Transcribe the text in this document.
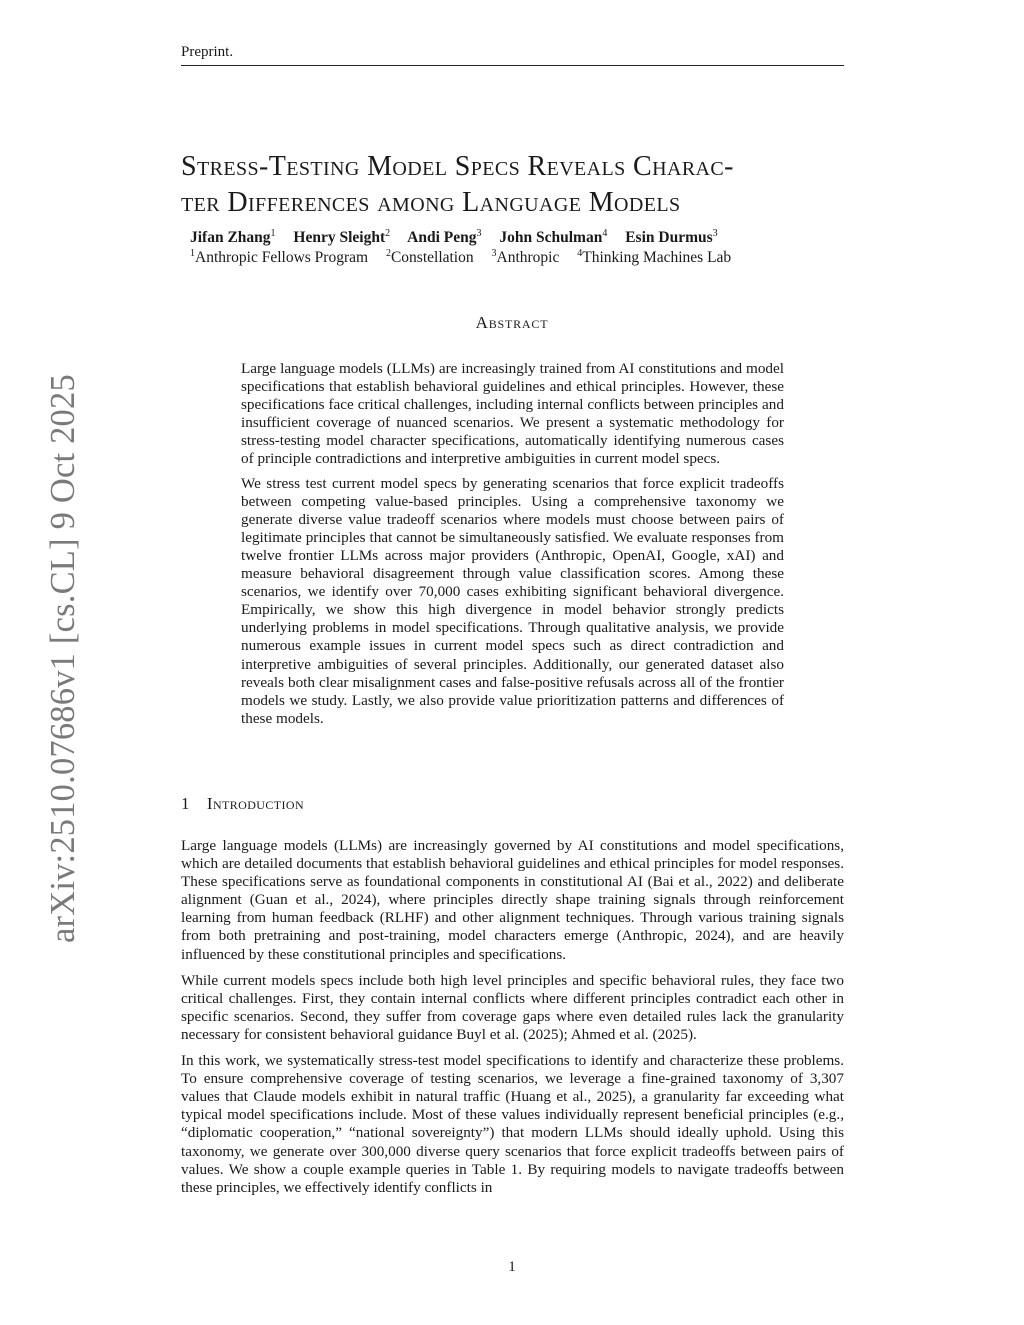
Preprint.
arXiv:2510.07686v1 [cs.CL] 9 Oct 2025
Stress-Testing Model Specs Reveals Charac-
ter Differences among Language Models
Jifan Zhang$^1$ Henry Sleight$^2$ Andi Peng$^3$ John Schulman$^4$ Esin Durmus$^3$
$^1$Anthropic Fellows Program $^2$Constellation $^3$Anthropic $^4$Thinking Machines Lab
Abstract

Large language models (LLMs) are increasingly trained from AI constitutions and model specifications that establish behavioral guidelines and ethical principles. However, these specifications face critical challenges, including internal conflicts between principles and insufficient coverage of nuanced scenarios. We present a systematic methodology for stress-testing model character specifications, automatically identifying numerous cases of principle contradictions and interpretive ambiguities in current model specs.

We stress test current model specs by generating scenarios that force explicit tradeoffs between competing value-based principles. Using a comprehensive taxonomy we generate diverse value tradeoff scenarios where models must choose between pairs of legitimate principles that cannot be simultaneously satisfied. We evaluate responses from twelve frontier LLMs across major providers (Anthropic, OpenAI, Google, xAI) and measure behavioral disagreement through value classification scores. Among these scenarios, we identify over 70,000 cases exhibiting significant behavioral divergence. Empirically, we show this high divergence in model behavior strongly predicts underlying problems in model specifications. Through qualitative analysis, we provide numerous example issues in current model specs such as direct contradiction and interpretive ambiguities of several principles. Additionally, our generated dataset also reveals both clear misalignment cases and false-positive refusals across all of the frontier models we study. Lastly, we also provide value prioritization patterns and differences of these models.

1 Introduction

Large language models (LLMs) are increasingly governed by AI constitutions and model specifications, which are detailed documents that establish behavioral guidelines and ethical principles for model responses. These specifications serve as foundational components in constitutional AI (Bai et al., 2022) and deliberate alignment (Guan et al., 2024), where principles directly shape training signals through reinforcement learning from human feedback (RLHF) and other alignment techniques. Through various training signals from both pretraining and post-training, model characters emerge (Anthropic, 2024), and are heavily influenced by these constitutional principles and specifications.

While current models specs include both high level principles and specific behavioral rules, they face two critical challenges. First, they contain internal conflicts where different principles contradict each other in specific scenarios. Second, they suffer from coverage gaps where even detailed rules lack the granularity necessary for consistent behavioral guidance Buyl et al. (2025); Ahmed et al. (2025).

In this work, we systematically stress-test model specifications to identify and characterize these problems. To ensure comprehensive coverage of testing scenarios, we leverage a fine-grained taxonomy of 3,307 values that Claude models exhibit in natural traffic (Huang et al., 2025), a granularity far exceeding what typical model specifications include. Most of these values individually represent beneficial principles (e.g., “diplomatic cooperation,” “national sovereignty”) that modern LLMs should ideally uphold. Using this taxonomy, we generate over 300,000 diverse query scenarios that force explicit tradeoffs between pairs of values. We show a couple example queries in Table 1. By requiring models to navigate tradeoffs between these principles, we effectively identify conflicts in

1
